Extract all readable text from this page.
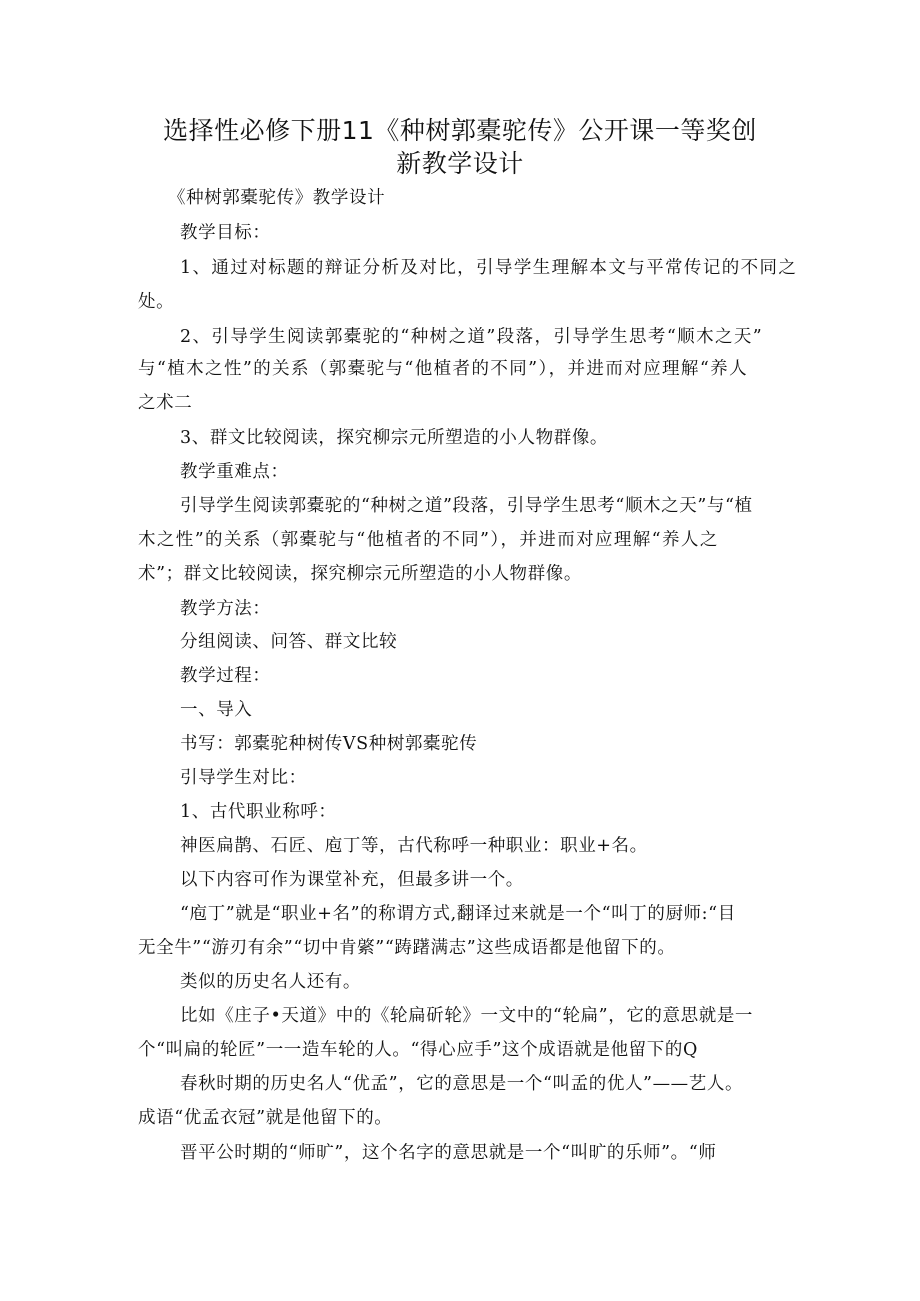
选择性必修下册11《种树郭橐驼传》公开课一等奖创
新教学设计
《种树郭橐驼传》教学设计
教学目标：
1、通过对标题的辩证分析及对比，引导学生理解本文与平常传记的不同之
处。
2、引导学生阅读郭橐驼的“种树之道”段落，引导学生思考“顺木之天”
与“植木之性”的关系（郭橐驼与“他植者的不同”），并进而对应理解“养人
之术二
3、群文比较阅读，探究柳宗元所塑造的小人物群像。
教学重难点：
引导学生阅读郭橐驼的“种树之道”段落，引导学生思考“顺木之天”与“植
木之性”的关系（郭橐驼与“他植者的不同”），并进而对应理解“养人之
术”；群文比较阅读，探究柳宗元所塑造的小人物群像。
教学方法：
分组阅读、问答、群文比较
教学过程：
一、导入
书写：郭橐驼种树传VS种树郭橐驼传
引导学生对比：
1、古代职业称呼：
神医扁鹊、石匠、庖丁等，古代称呼一种职业：职业+名。
以下内容可作为课堂补充，但最多讲一个。
“庖丁”就是“职业+名”的称谓方式,翻译过来就是一个“叫丁的厨师:“目
无全牛”“游刃有余”“切中肯綮”“踌躇满志”这些成语都是他留下的。
类似的历史名人还有。
比如《庄子•天道》中的《轮扁斫轮》一文中的“轮扁”，它的意思就是一
个“叫扁的轮匠”一一造车轮的人。“得心应手”这个成语就是他留下的Q
春秋时期的历史名人“优孟”，它的意思是一个“叫孟的优人”——艺人。
成语“优孟衣冠”就是他留下的。
晋平公时期的“师旷”，这个名字的意思就是一个“叫旷的乐师”。“师
